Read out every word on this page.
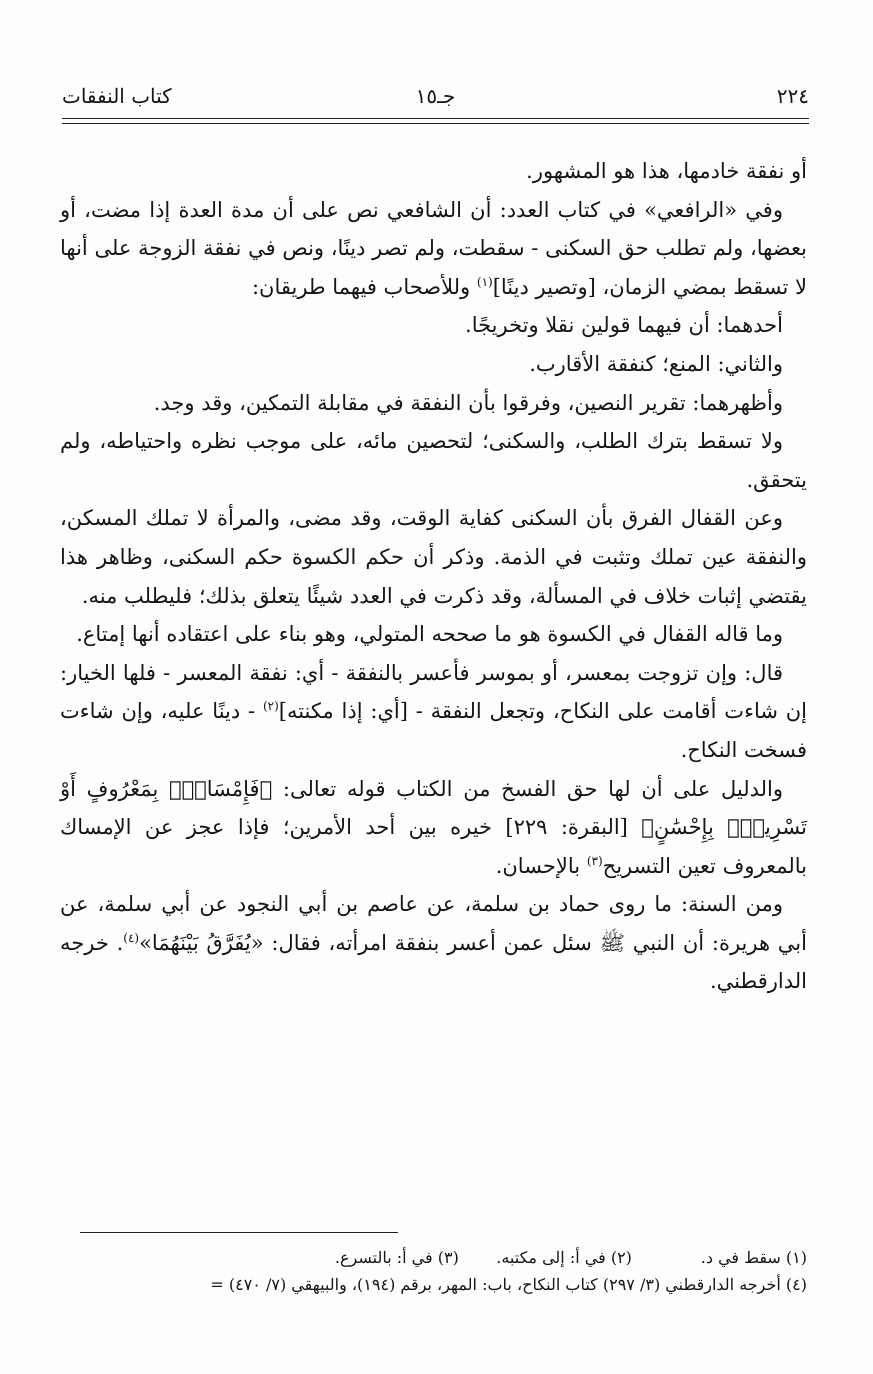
٢٢٤
جـ١٥
كتاب النفقات

أو نفقة خادمها، هذا هو المشهور.

وفي «الرافعي» في كتاب العدد: أن الشافعي نص على أن مدة العدة إذا مضت، أو بعضها، ولم تطلب حق السكنى - سقطت، ولم تصر دينًا، ونص في نفقة الزوجة على أنها لا تسقط بمضي الزمان، [وتصير دينًا]$^{(١)}$ وللأصحاب فيهما طريقان:

أحدهما: أن فيهما قولين نقلا وتخريجًا.

والثاني: المنع؛ كنفقة الأقارب.

وأظهرهما: تقرير النصين، وفرقوا بأن النفقة في مقابلة التمكين، وقد وجد.

ولا تسقط بترك الطلب، والسكنى؛ لتحصين مائه، على موجب نظره واحتياطه، ولم يتحقق.

وعن القفال الفرق بأن السكنى كفاية الوقت، وقد مضى، والمرأة لا تملك المسكن، والنفقة عين تملك وتثبت في الذمة. وذكر أن حكم الكسوة حكم السكنى، وظاهر هذا يقتضي إثبات خلاف في المسألة، وقد ذكرت في العدد شيئًا يتعلق بذلك؛ فليطلب منه.

وما قاله القفال في الكسوة هو ما صححه المتولي، وهو بناء على اعتقاده أنها إمتاع.

قال: وإن تزوجت بمعسر، أو بموسر فأعسر بالنفقة - أي: نفقة المعسر - فلها الخيار: إن شاءت أقامت على النكاح، وتجعل النفقة - [أي: إذا مكنته]$^{(٢)}$ - دينًا عليه، وإن شاءت فسخت النكاح.

والدليل على أن لها حق الفسخ من الكتاب قوله تعالى: ﴿فَإِمْسَاكُۢ بِمَعْرُوفٍ أَوْ تَسْرِيحُۢ بِإِحْسَٰنٍ﴾ [البقرة: ٢٢٩] خيره بين أحد الأمرين؛ فإذا عجز عن الإمساك بالمعروف تعين التسريح$^{(٣)}$ بالإحسان.

ومن السنة: ما روى حماد بن سلمة، عن عاصم بن أبي النجود عن أبي سلمة، عن أبي هريرة: أن النبي ﷺ سئل عمن أعسر بنفقة امرأته، فقال: «يُفَرَّقُ بَيْنَهُمَا»$^{(٤)}$. خرجه الدارقطني.

(١) سقط في د. (٢) في أ: إلى مكتبه. (٣) في أ: بالتسرع.
(٤) أخرجه الدارقطني (٣/ ٢٩٧) كتاب النكاح، باب: المهر، برقم (١٩٤)، والبيهقي (٧/ ٤٧٠) =
